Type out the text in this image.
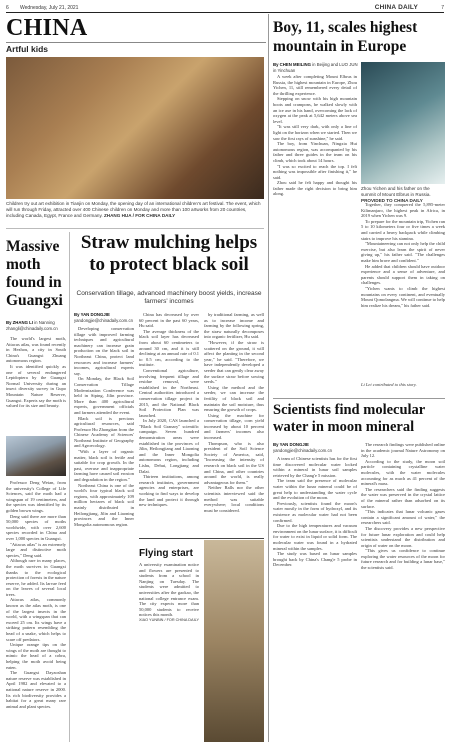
6 Wednesday, July 21, 2021	CHINA DAILY	7
CHINA
Artful kids
Children try out art exhibition in Tianjin on Monday, the opening day of an international children's art festival. The event, which will run through Friday, attracted over 400 Chinese children on Monday and more than 100 artworks from 20 countries, including Canada, Egypt, France and Germany. ZHANG HUA / FOR CHINA DAILY
Massive moth found in Guangxi
By ZHANG LI in Nanning
zhangli@chinadaily.com.cn

The world's largest moth, Attacus atlas, was found recently in Hezhou, a city in South China's Guangxi Zhuang autonomous region.

It was identified quickly as one of several endangered Lepidoptera by the Guangxi Normal University during an insect diversity survey in Gupo Mountain Nature Reserve, Guangxi. Experts say the moth is valued for its size and beauty.

Professor Deng Weian, from the university's College of Life Sciences, said the moth had a wingspan of 19 centimeters, and the species was identified by its golden brown wings.

Deng said there are more than 50,000 species of moths worldwide, with over 2,600 species recorded in China and over 1,000 species in Guangxi.

"Attacus atlas" is an extremely large and distinctive moth species," Deng said.

Although rare in many places, the moth survives in Guangxi thanks to the ecological protection of forests in the nature reserve, he added. Its larvae feed on the leaves of several local trees.

Attacus atlas, commonly known as the atlas moth, is one of the largest insects in the world, with a wingspan that can exceed 25 cm. Its wings have a striking pattern resembling the head of a snake, which helps to scare off predators.

Unique orange tips on the wings of the moth are thought to mimic the head of a cobra, helping the moth avoid being eaten.

The Guangxi Dayaoshan nature reserve was established in April 1982 and elevated to a national nature reserve in 2000. Its rich biodiversity provides a habitat for a great many rare animal and plant species.

Straw mulching helps to protect black soil
Conservation tillage, advanced machinery boost yields, increase farmers' incomes
By YAN DONGJIE
yandongjie@chinadaily.com.cn

Developing conservation tillage with improved farming techniques and agricultural machinery can increase grain production on the black soil in Northeast China, protect land resources and increase farmers' incomes, agricultural experts say.

On Monday, the Black Soil Conservation Tillage Modernization Conference was held in Siping, Jilin province. More than 400 agricultural experts, government officials and farmers attended the event.

Black soil is precious agricultural resources, said Professor Hu Zhongtian from the Chinese Academy of Sciences' Northeast Institute of Geography and Agroecology.

"With a layer of organic matter, black soil is fertile and suitable for crop growth. In the past, overuse and inappropriate farming have caused soil erosion and degradation in the region."

Northeast China is one of the world's four typical black soil regions, with approximately 109 million hectares of black soil mainly distributed in Heilongjiang, Jilin and Liaoning provinces and the Inner Mongolia autonomous region.

China has decreased by over 60 percent in the past 60 years, Hu said.

The average thickness of the black soil layer has decreased from about 60 centimeters to around 30 cm, and it is still declining at an annual rate of 0.1 to 0.5 cm, according to the institute.

Conventional agriculture, involving frequent tillage and residue removal, were established in the Northeast. Central authorities introduced a conservation tillage project in 2015, and the National Black Soil Protection Plan was launched.

In July 2020, CAS launched a "Black Soil Granary" scientific campaign. Seven hundred demonstration areas were established in the provinces of Jilin, Heilongjiang and Liaoning and the Inner Mongolia autonomous region, including Lishu, Dehui, Longjiang and Dalai.

Thirteen institutions, among research institutes, government agencies and enterprises, are working to find ways to develop the land and protect it through new techniques.

by traditional farming, as well as to increase income and farming by the following spring, the straw naturally decomposes into organic fertilizer, Hu said.

"However, if the straw is scattered on the ground, it will affect the planting in the second year," he said. "Therefore, we have independently developed a seeder that can gently clear away the surface straw before sowing seeds."

Using the method and the seeder, we can increase the fertility of black soil and maintain the soil moisture, thus ensuring the growth of crops.

Using the machine for conservation tillage, corn yield increased by about 10 percent and farmers' incomes also increased.

Thompson, who is also president of the Soil Science Society of America, said, "Increasing the intensity of research on black soil in the US and China, and other countries around the world, is really advantageous for them."

Neither Ralls nor the other scientists interviewed said the method was suitable everywhere; local conditions must be considered.

Flying start

A university examination notice and flowers are presented to students from a school in Nanjing on Tuesday. The students were admitted to universities after the gaokao, the national college entrance exam. The city expects more than 50,000 students to receive notices this month.

XIAO YUNBIN / FOR CHINA DAILY

Boy, 11, scales highest mountain in Europe
By CHEN MEILING in Beijing and LUO JUN in Yinchuan

A week after completing Mount Elbrus in Russia, the highest mountain in Europe, Zhou Yichen, 11, still remembered every detail of the thrilling experience.

Stepping on snow with his high mountain boots and crampons, he walked slowly with an ice axe in his hand, overcoming the lack of oxygen at the peak at 5,642 meters above sea level.

"It was still very dark, with only a line of light on the horizon when we started. Then we saw the first rays of sunshine," he said.

The boy, from Yinchuan, Ningxia Hui autonomous region, was accompanied by his father and three guides in the team on his climb, which took about 14 hours.

"I was so excited to reach the top. I felt nothing was impossible after finishing it," he said.

Zhou said he felt happy and thought his father made the right decision to bring him along.

Zhou Yichen and his father on the summit of Mount Elbrus in Russia. PROVIDED TO CHINA DAILY

Together, they conquered the 5,895-meter Kilimanjaro, the highest peak in Africa, in 2019 when Yichen was 9.

To prepare for the mountain trip, Yichen ran 5 to 10 kilometers four or five times a week and carried a heavy backpack while climbing stairs to improve his stamina.

"Mountaineering can not only help the child exercise, but also learn the spirit of never giving up," his father said. "The challenges make him brave and confident."

He added that children should have outdoor experience and a sense of adventure, and parents should support them in taking on challenges.

"Yichen wants to climb the highest mountains on every continent, and eventually Mount Qomolangma. We will continue to help him realize his dream," his father said.

Li Lei contributed to this story.
Scientists find molecular water in moon mineral
By YAN DONGJIE
yandongjie@chinadaily.com.cn

A team of Chinese scientists has for the first time discovered molecular water locked within a mineral in lunar soil samples retrieved by the Chang'e 5 mission.

The team said the presence of molecular water within the lunar mineral could be of great help to understanding the water cycle and the evolution of the moon.

Previously, scientists found the moon's water mostly in the form of hydroxyl, and its existence as molecular water had not been confirmed.

Due to the high temperatures and vacuum environment on the lunar surface, it is difficult for water to exist in liquid or solid form. The molecular water was found in a hydrated mineral within the samples.

The study was based on lunar samples brought back by China's Chang'e 5 probe in December.

The research findings were published online in the academic journal Nature Astronomy on July 12.

According to the study, the moon soil particle containing crystalline water molecules, with the water molecules accounting for as much as 41 percent of the mineral's mass.

The researchers said the finding suggests the water was preserved in the crystal lattice of the mineral rather than adsorbed on its surface.

"This indicates that lunar volcanic gases contain a significant amount of water," the researchers said.

The discovery provides a new perspective for future lunar exploration and could help scientists understand the distribution and origin of water on the moon.

"This gives us confidence to continue exploring the water resources of the moon for future research and for building a lunar base," the scientists said.
